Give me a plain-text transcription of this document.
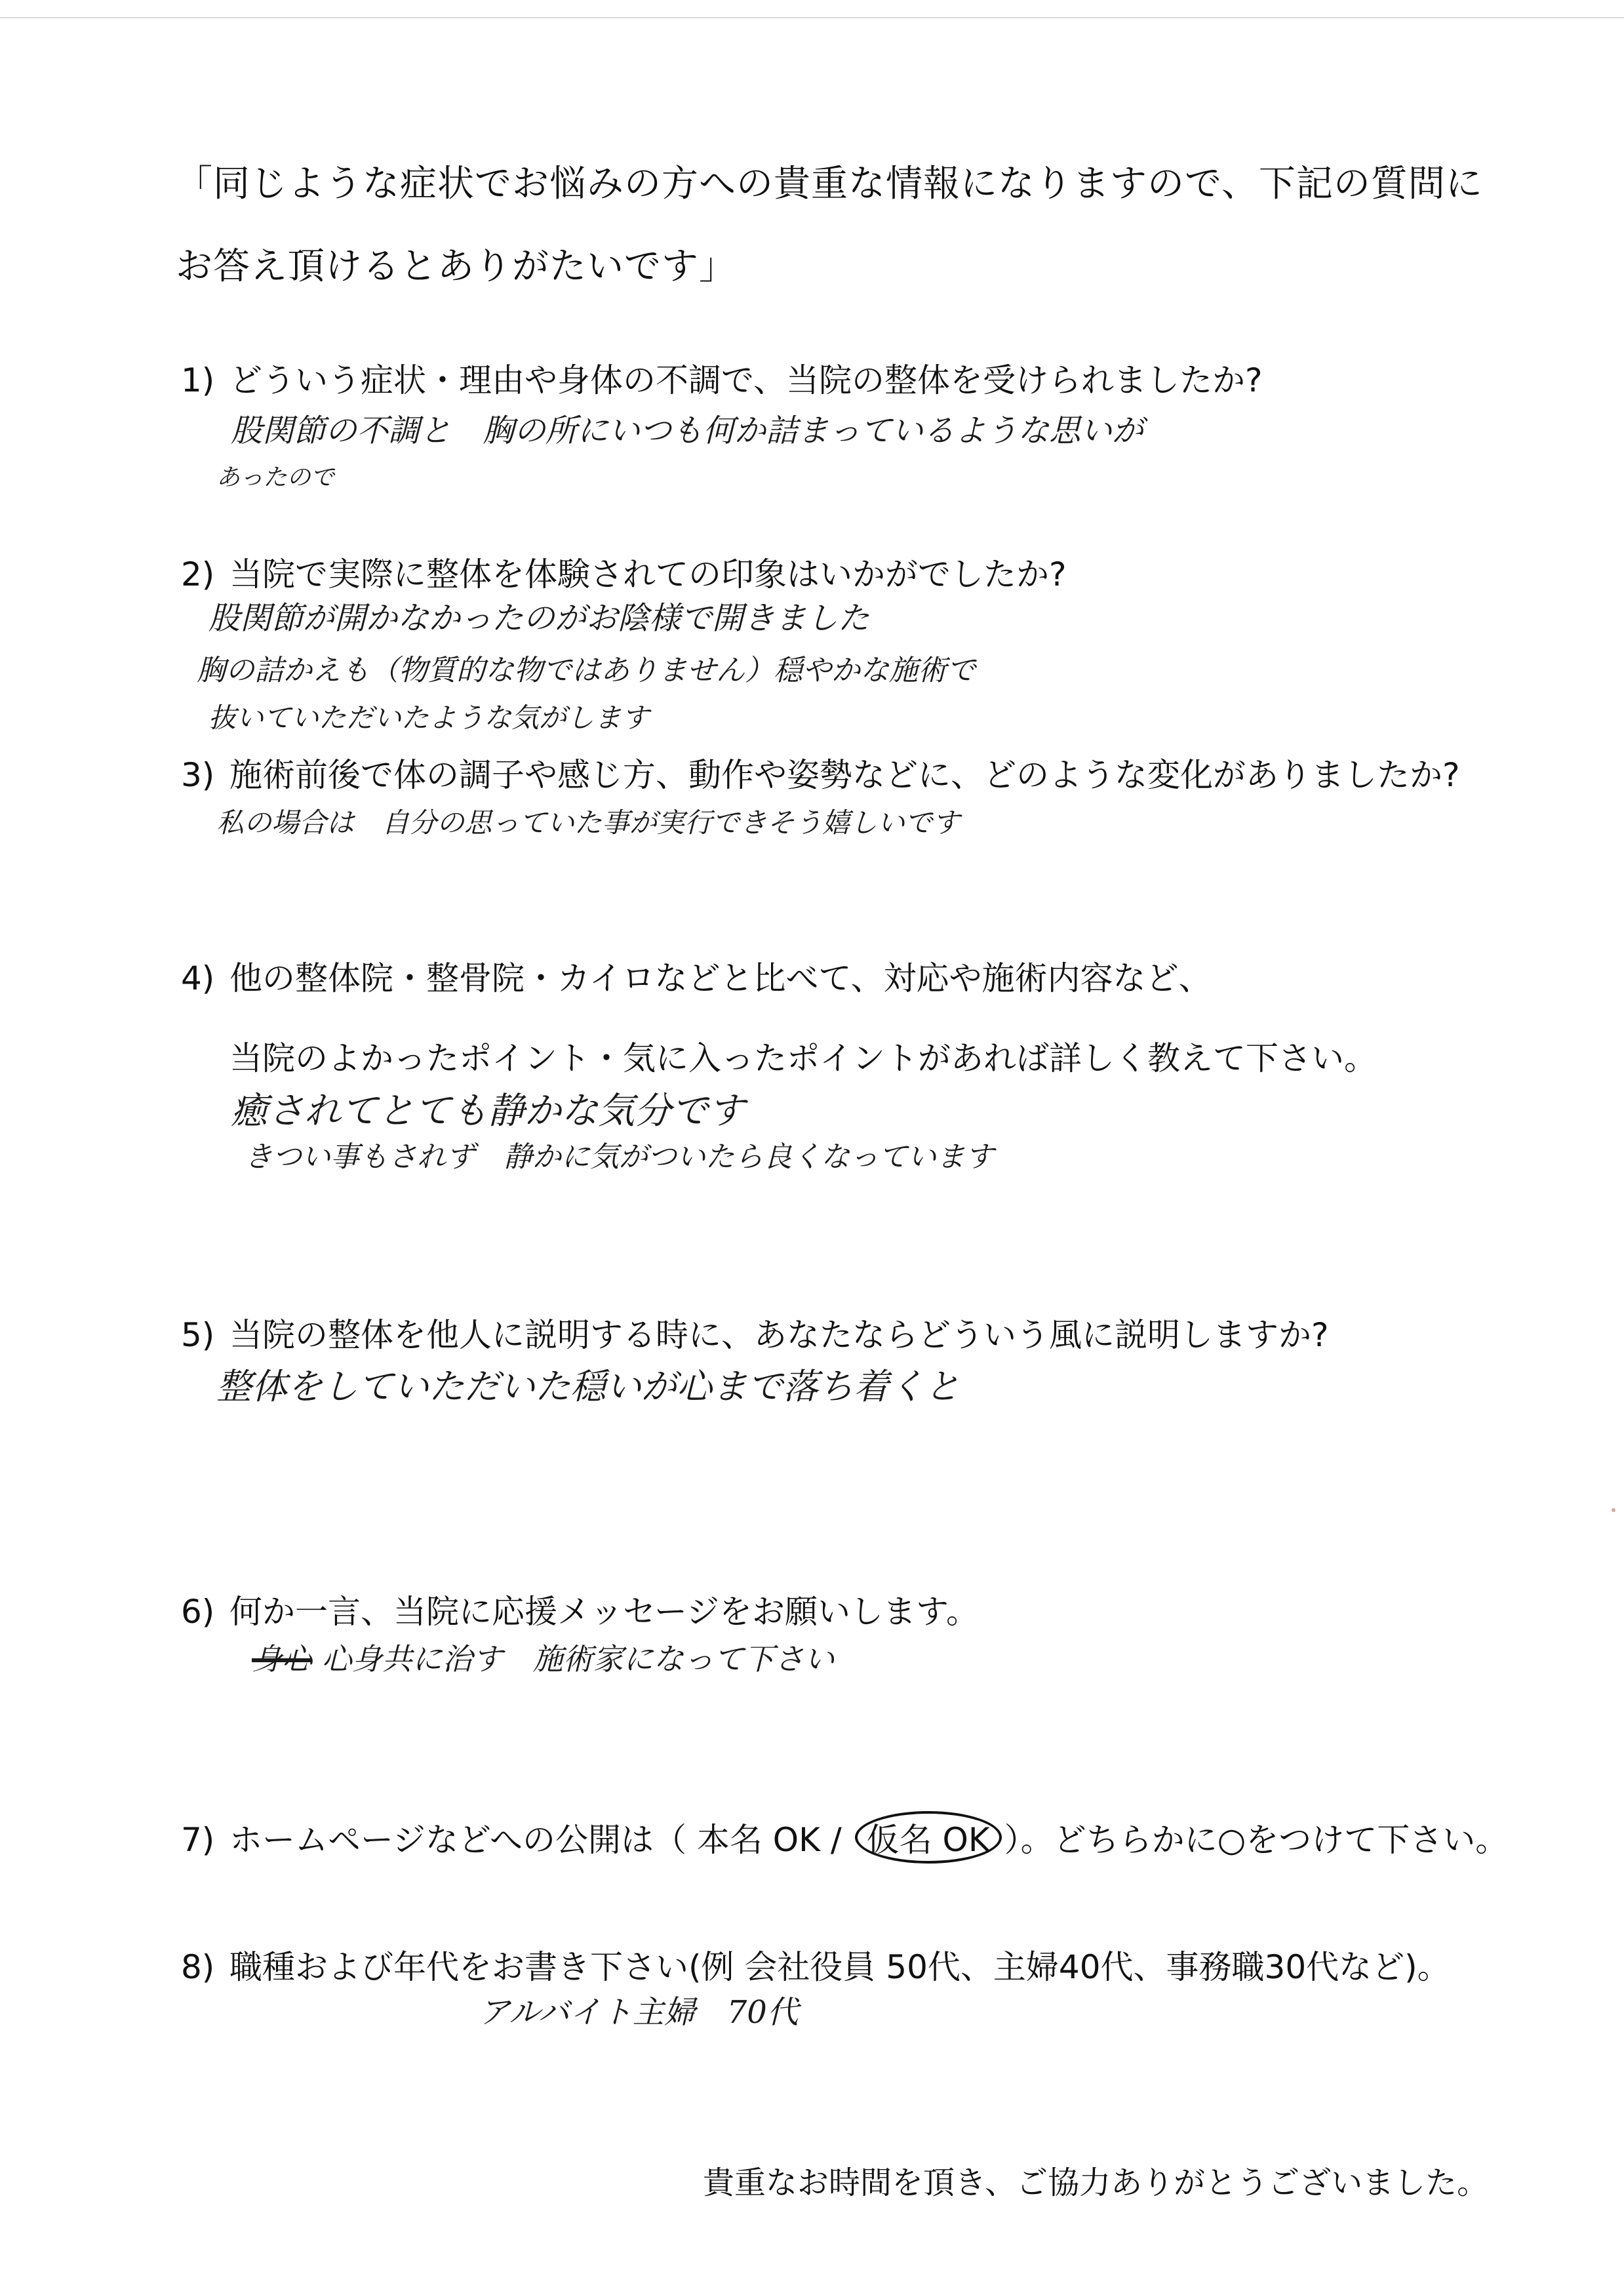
「同じような症状でお悩みの方への貴重な情報になりますので、下記の質問に
お答え頂けるとありがたいです」
1) どういう症状・理由や身体の不調で、当院の整体を受けられましたか?
股関節の不調と　胸の所にいつも何か詰まっているような思いが
あったので
2) 当院で実際に整体を体験されての印象はいかがでしたか?
股関節が開かなかったのがお陰様で開きました
胸の詰かえも（物質的な物ではありません）穏やかな施術で
抜いていただいたような気がします
3) 施術前後で体の調子や感じ方、動作や姿勢などに、どのような変化がありましたか?
私の場合は　自分の思っていた事が実行できそう嬉しいです
4) 他の整体院・整骨院・カイロなどと比べて、対応や施術内容など、
当院のよかったポイント・気に入ったポイントがあれば詳しく教えて下さい。
癒されてとても静かな気分です
きつい事もされず　静かに気がついたら良くなっています
5) 当院の整体を他人に説明する時に、あなたならどういう風に説明しますか?
整体をしていただいた穏いが心まで落ち着くと
6) 何か一言、当院に応援メッセージをお願いします。
身心 心身共に治す　施術家になって下さい
7) ホームページなどへの公開は（ 本名 OK / 仮名 OK ）。どちらかに○をつけて下さい。
8) 職種および年代をお書き下さい(例 会社役員 50代、主婦40代、事務職30代など)。
アルバイト主婦　70代
貴重なお時間を頂き、ご協力ありがとうございました。
